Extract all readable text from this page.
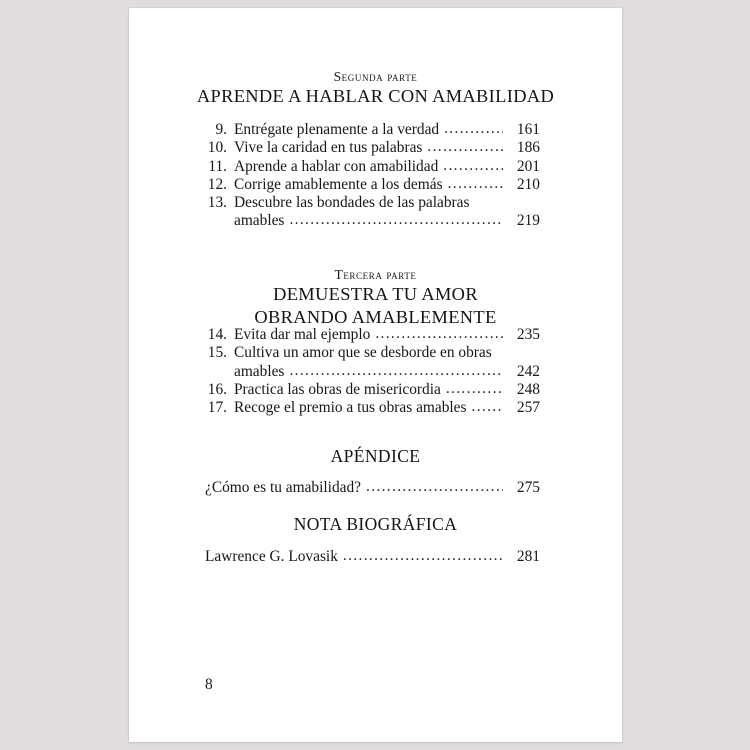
Segunda parte
APRENDE A HABLAR CON AMABILIDAD
9. Entrégate plenamente a la verdad .....	161
10. Vive la caridad en tus palabras .....	186
11. Aprende a hablar con amabilidad .....	201
12. Corrige amablemente a los demás .....	210
13. Descubre las bondades de las palabras
amables .....	219
Tercera parte
DEMUESTRA TU AMOR
OBRANDO AMABLEMENTE
14. Evita dar mal ejemplo .....	235
15. Cultiva un amor que se desborde en obras
amables .....	242
16. Practica las obras de misericordia .....	248
17. Recoge el premio a tus obras amables .....	257
APÉNDICE
¿Cómo es tu amabilidad? .....	275
NOTA BIOGRÁFICA
Lawrence G. Lovasik .....	281
8
